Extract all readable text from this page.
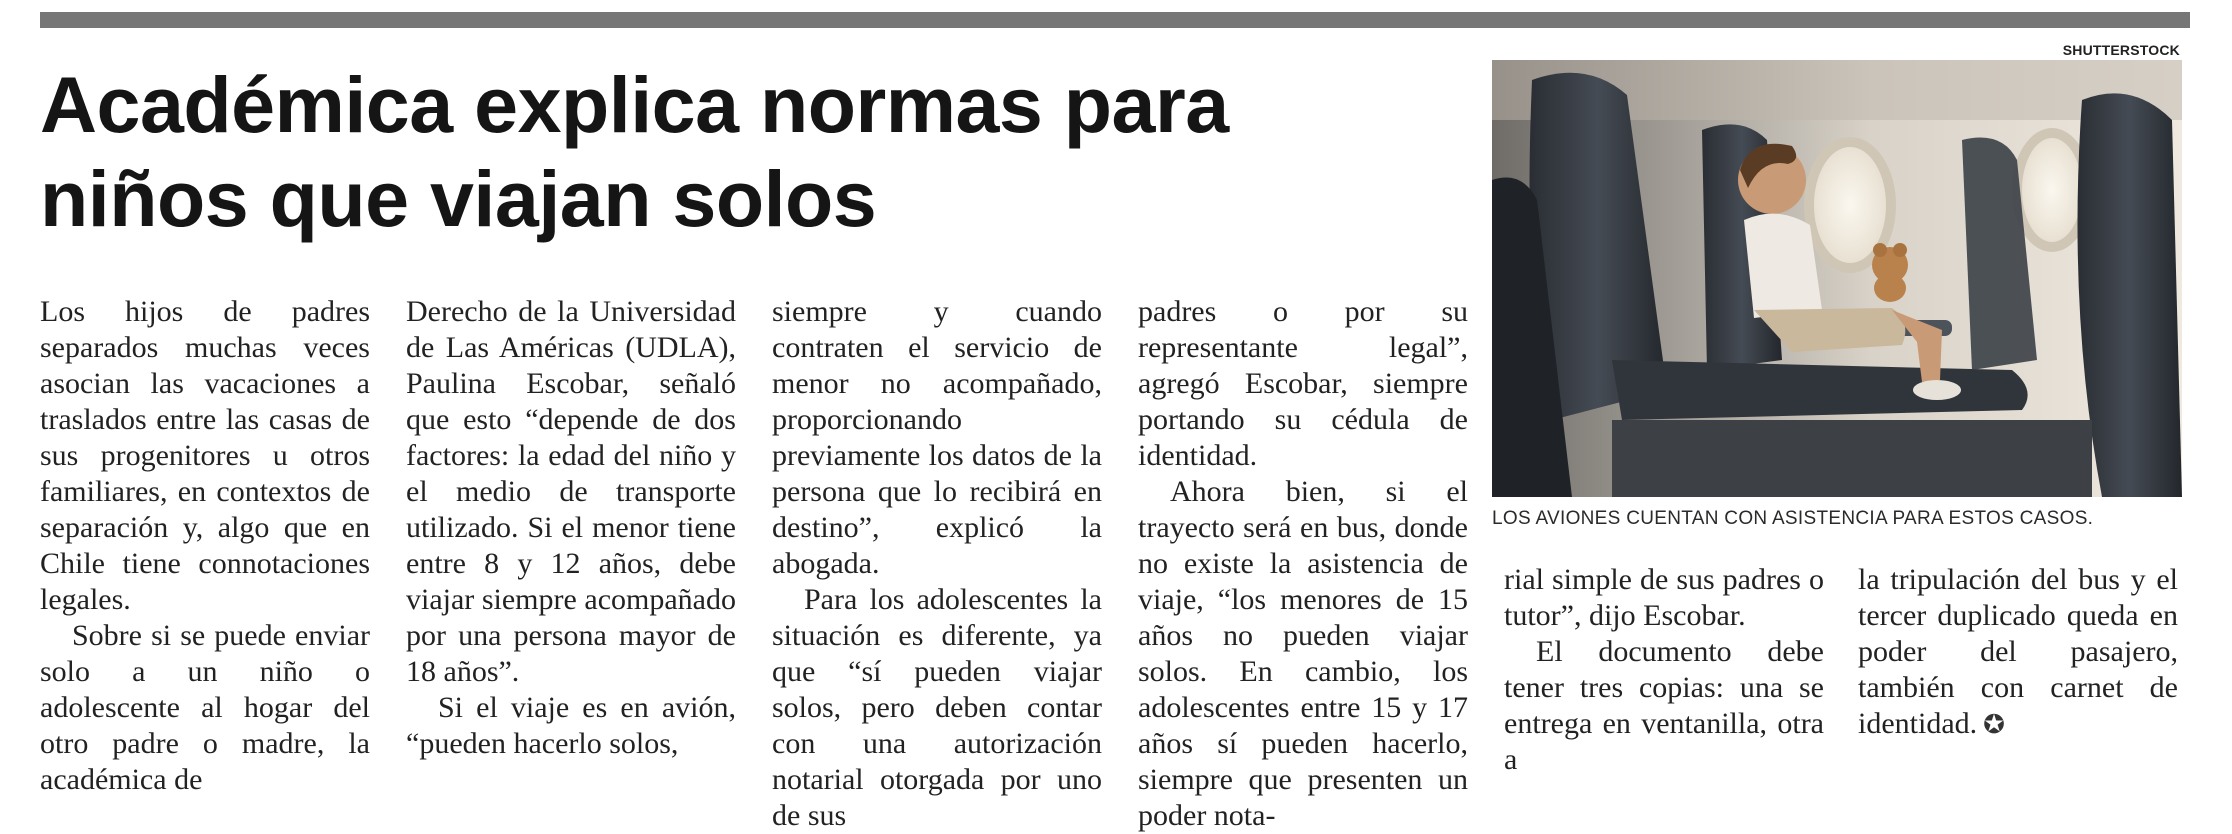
Académica explica normas para niños que viajan solos

Los hijos de padres separados muchas veces asocian las vacaciones a traslados entre las casas de sus progenitores u otros familiares, en contextos de separación y, algo que en Chile tiene connotaciones legales.

Sobre si se puede enviar solo a un niño o adolescente al hogar del otro padre o madre, la académica de

Derecho de la Universidad de Las Américas (UDLA), Paulina Escobar, señaló que esto “depende de dos factores: la edad del niño y el medio de transporte utilizado. Si el menor tiene entre 8 y 12 años, debe viajar siempre acompañado por una persona mayor de 18 años”.

Si el viaje es en avión, “pueden hacerlo solos,

siempre y cuando contraten el servicio de menor no acompañado, proporcionando previamente los datos de la persona que lo recibirá en destino”, explicó la abogada.

Para los adolescentes la situación es diferente, ya que “sí pueden viajar solos, pero deben contar con una autorización notarial otorgada por uno de sus

padres o por su representante legal”, agregó Escobar, siempre portando su cédula de identidad.

Ahora bien, si el trayecto será en bus, donde no existe la asistencia de viaje, “los menores de 15 años no pueden viajar solos. En cambio, los adolescentes entre 15 y 17 años sí pueden hacerlo, siempre que presenten un poder nota-

rial simple de sus padres o tutor”, dijo Escobar.

El documento debe tener tres copias: una se entrega en ventanilla, otra a

la tripulación del bus y el tercer duplicado queda en poder del pasajero, también con carnet de identidad. ✪

SHUTTERSTOCK
LOS AVIONES CUENTAN CON ASISTENCIA PARA ESTOS CASOS.
